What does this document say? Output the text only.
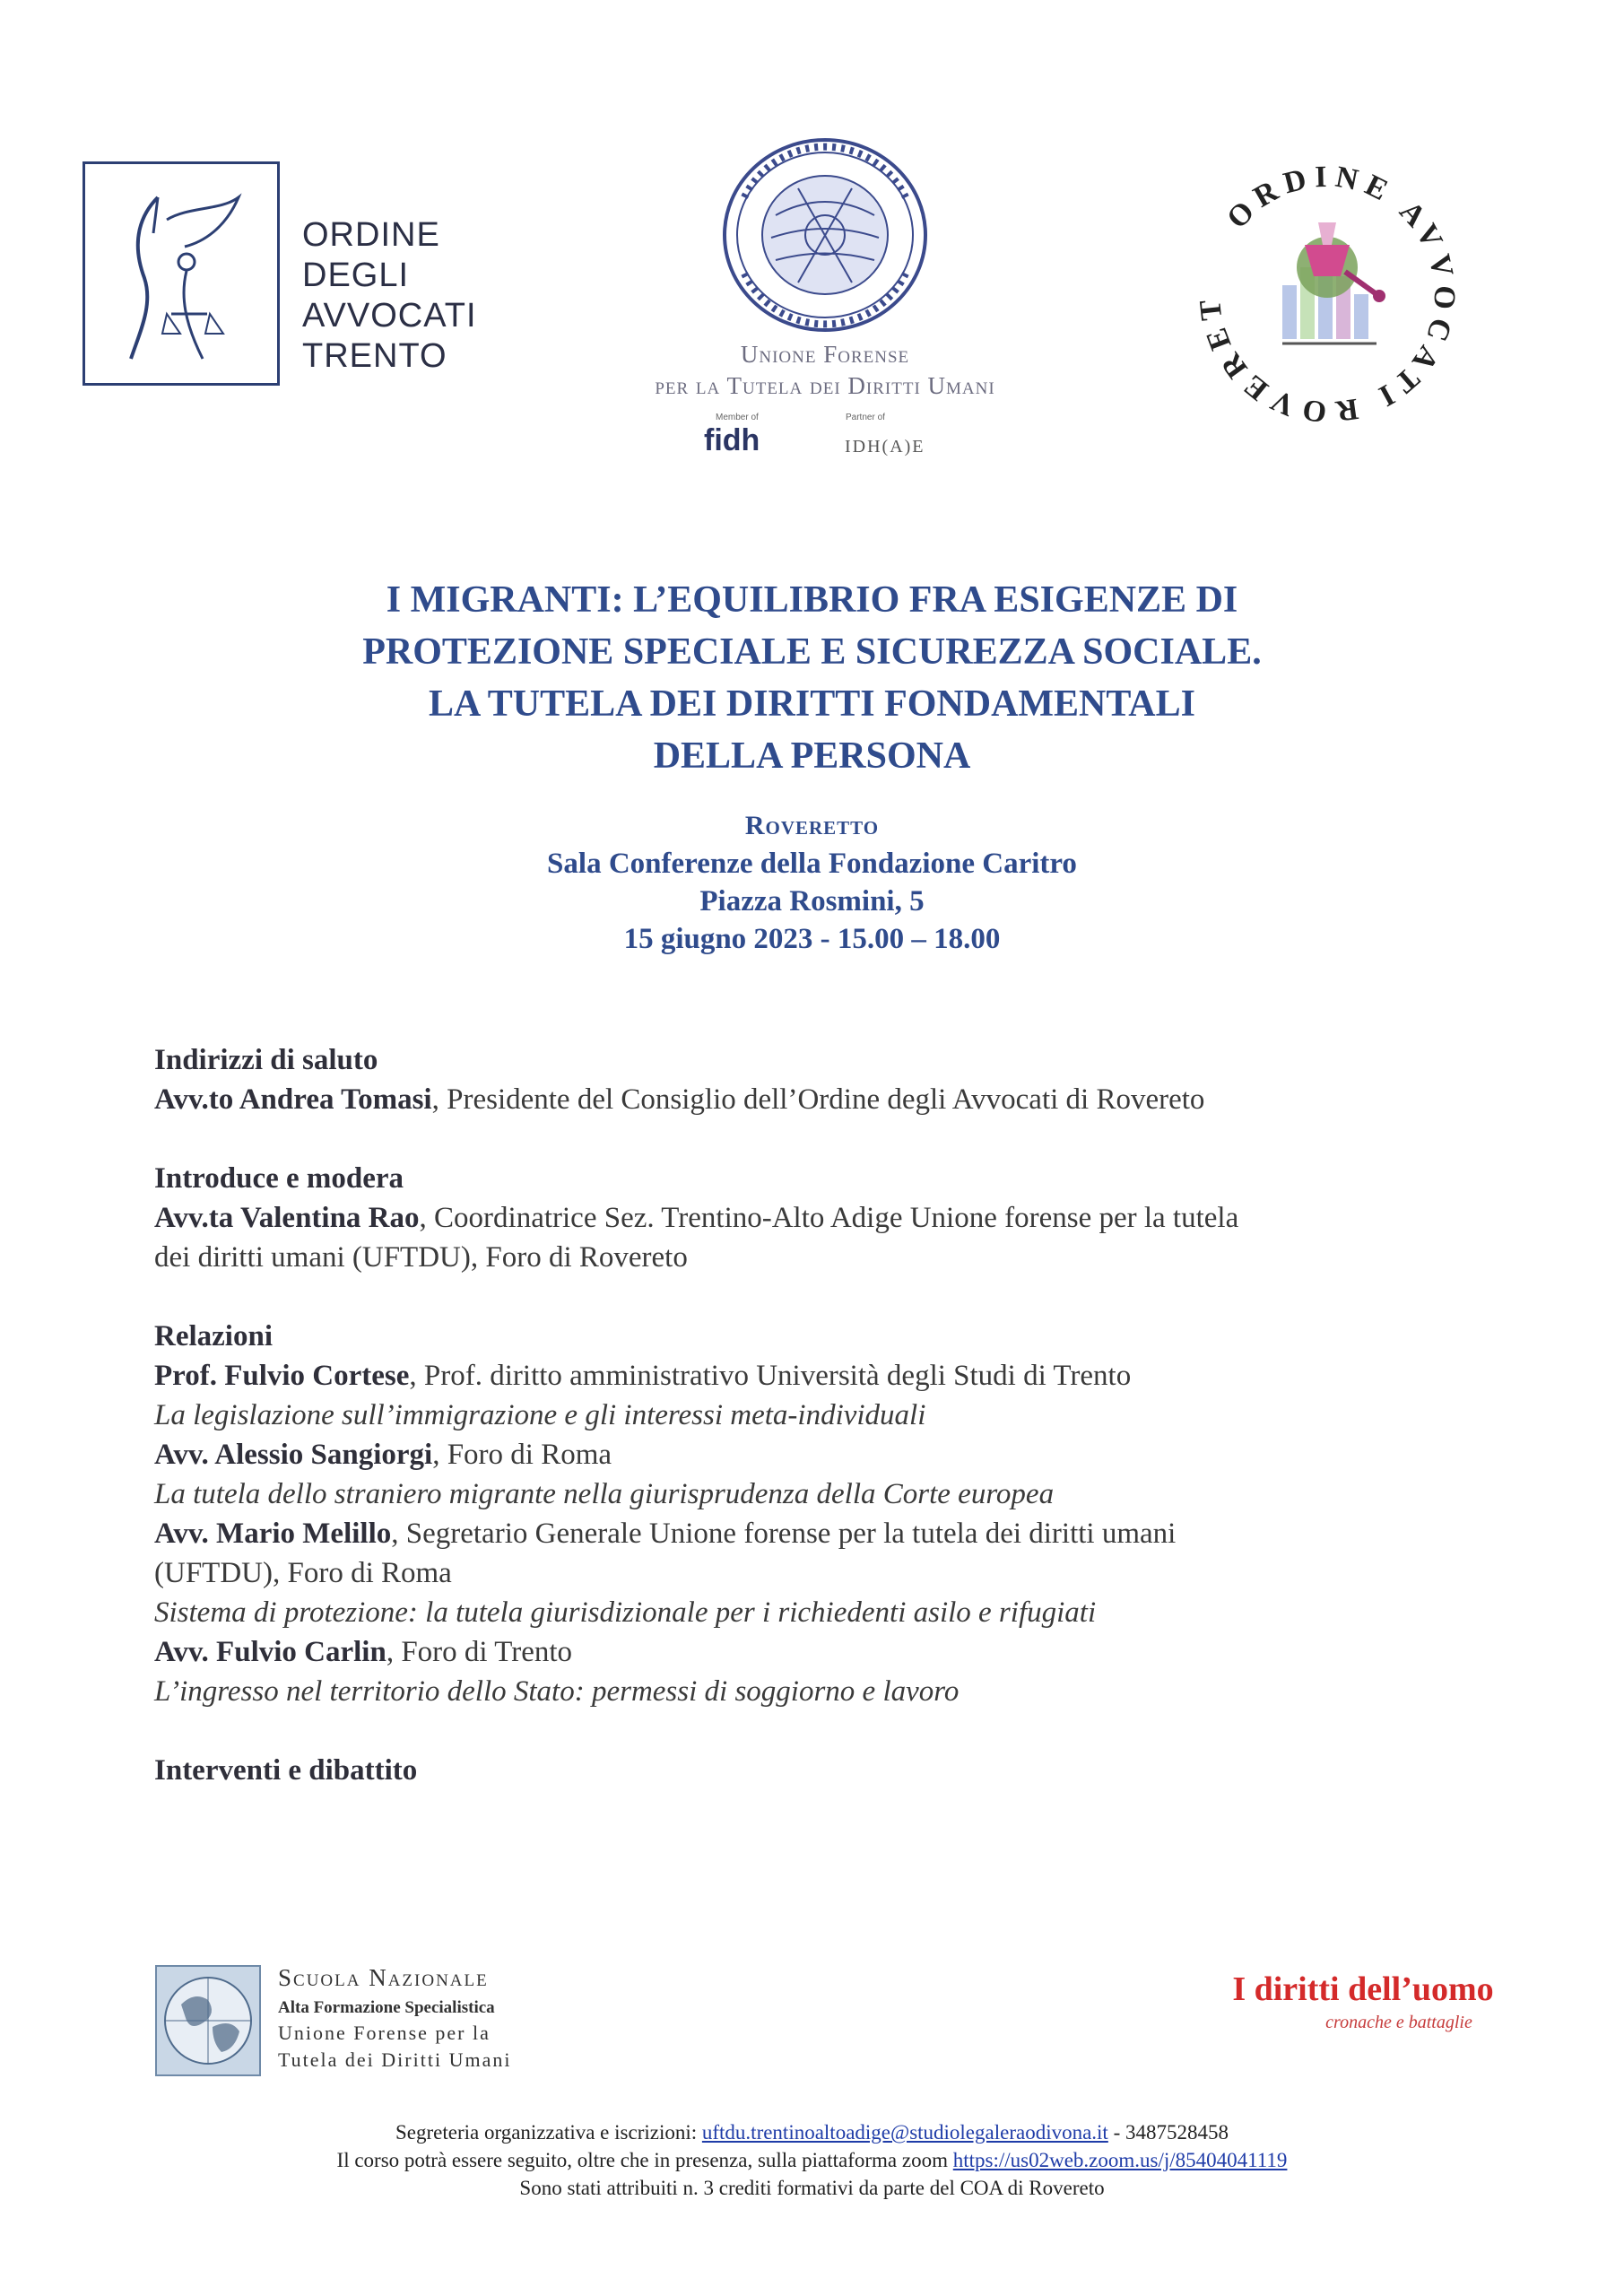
ORDINE
DEGLI
AVVOCATI
TRENTO	Unione Forense
per la Tutela dei Diritti Umani
Member of
fidh
Partner of
IDH(A)E
ORDINE AVVOCATI ROVERET
I MIGRANTI: L’EQUILIBRIO FRA ESIGENZE DI
PROTEZIONE SPECIALE E SICUREZZA SOCIALE.
LA TUTELA DEI DIRITTI FONDAMENTALI
DELLA PERSONA
Roveretto
Sala Conferenze della Fondazione Caritro
Piazza Rosmini, 5
15 giugno 2023 - 15.00 – 18.00
Indirizzi di saluto
Avv.to Andrea Tomasi, Presidente del Consiglio dell’Ordine degli Avvocati di Rovereto
Introduce e modera
Avv.ta Valentina Rao, Coordinatrice Sez. Trentino-Alto Adige Unione forense per la tutela
dei diritti umani (UFTDU), Foro di Rovereto
Relazioni
Prof. Fulvio Cortese, Prof. diritto amministrativo Università degli Studi di Trento
La legislazione sull’immigrazione e gli interessi meta-individuali
Avv. Alessio Sangiorgi, Foro di Roma
La tutela dello straniero migrante nella giurisprudenza della Corte europea
Avv. Mario Melillo, Segretario Generale Unione forense per la tutela dei diritti umani
(UFTDU), Foro di Roma
Sistema di protezione: la tutela giurisdizionale per i richiedenti asilo e rifugiati
Avv. Fulvio Carlin, Foro di Trento
L’ingresso nel territorio dello Stato: permessi di soggiorno e lavoro
Interventi e dibattito
Scuola Nazionale
Alta Formazione Specialistica
Unione Forense per la
Tutela dei Diritti Umani
I diritti dell’uomo
cronache e battaglie
Segreteria organizzativa e iscrizioni: uftdu.trentinoaltoadige@studiolegaleraodivona.it - 3487528458
Il corso potrà essere seguito, oltre che in presenza, sulla piattaforma zoom https://us02web.zoom.us/j/85404041119
Sono stati attribuiti n. 3 crediti formativi da parte del COA di Rovereto
